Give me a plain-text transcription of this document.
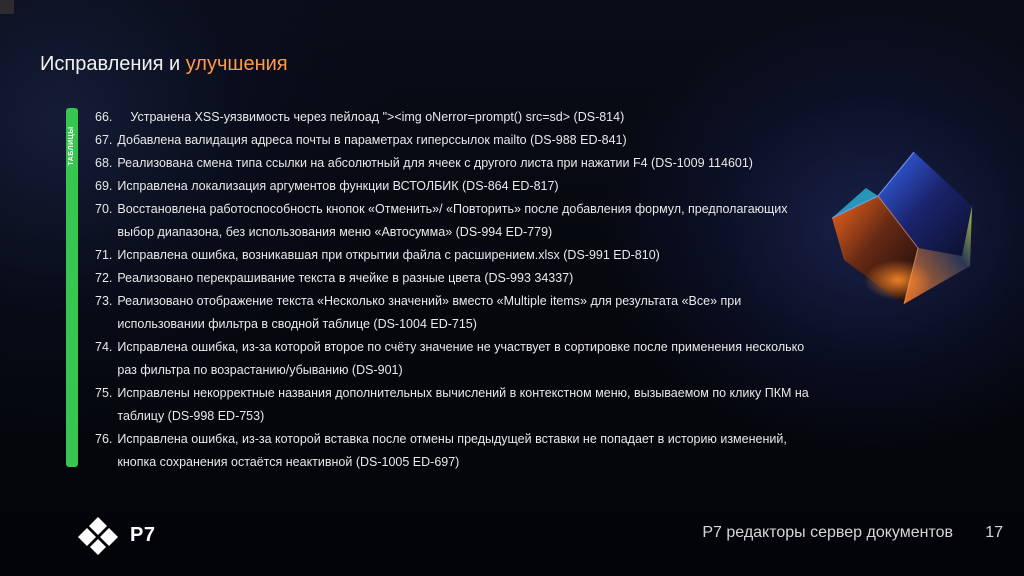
Исправления и улучшения
ТАБЛИЦЫ
66. Устранена XSS-уязвимость через пейлоад "><img oNerror=prompt() src=sd> (DS-814)
67. Добавлена валидация адреса почты в параметрах гиперссылок mailto (DS-988 ED-841)
68. Реализована смена типа ссылки на абсолютный для ячеек с другого листа при нажатии F4 (DS-1009 114601)
69. Исправлена локализация аргументов функции ВСТОЛБИК (DS-864 ED-817)
70. Восстановлена работоспособность кнопок «Отменить»/ «Повторить» после добавления формул, предполагающих выбор диапазона, без использования меню «Автосумма» (DS-994 ED-779)
71. Исправлена ошибка, возникавшая при открытии файла с расширением.xlsx (DS-991 ED-810)
72. Реализовано перекрашивание текста в ячейке в разные цвета (DS-993 34337)
73. Реализовано отображение текста «Несколько значений» вместо «Multiple items» для результата «Все» при использовании фильтра в сводной таблице (DS-1004 ED-715)
74. Исправлена ошибка, из-за которой второе по счёту значение не участвует в сортировке после применения несколько раз фильтра по возрастанию/убыванию (DS-901)
75. Исправлены некорректные названия дополнительных вычислений в контекстном меню, вызываемом по клику ПКМ на таблицу (DS-998 ED-753)
76. Исправлена ошибка, из-за которой вставка после отмены предыдущей вставки не попадает в историю изменений, кнопка сохранения остаётся неактивной (DS-1005 ED-697)
Р7	Р7 редакторы сервер документов 17
